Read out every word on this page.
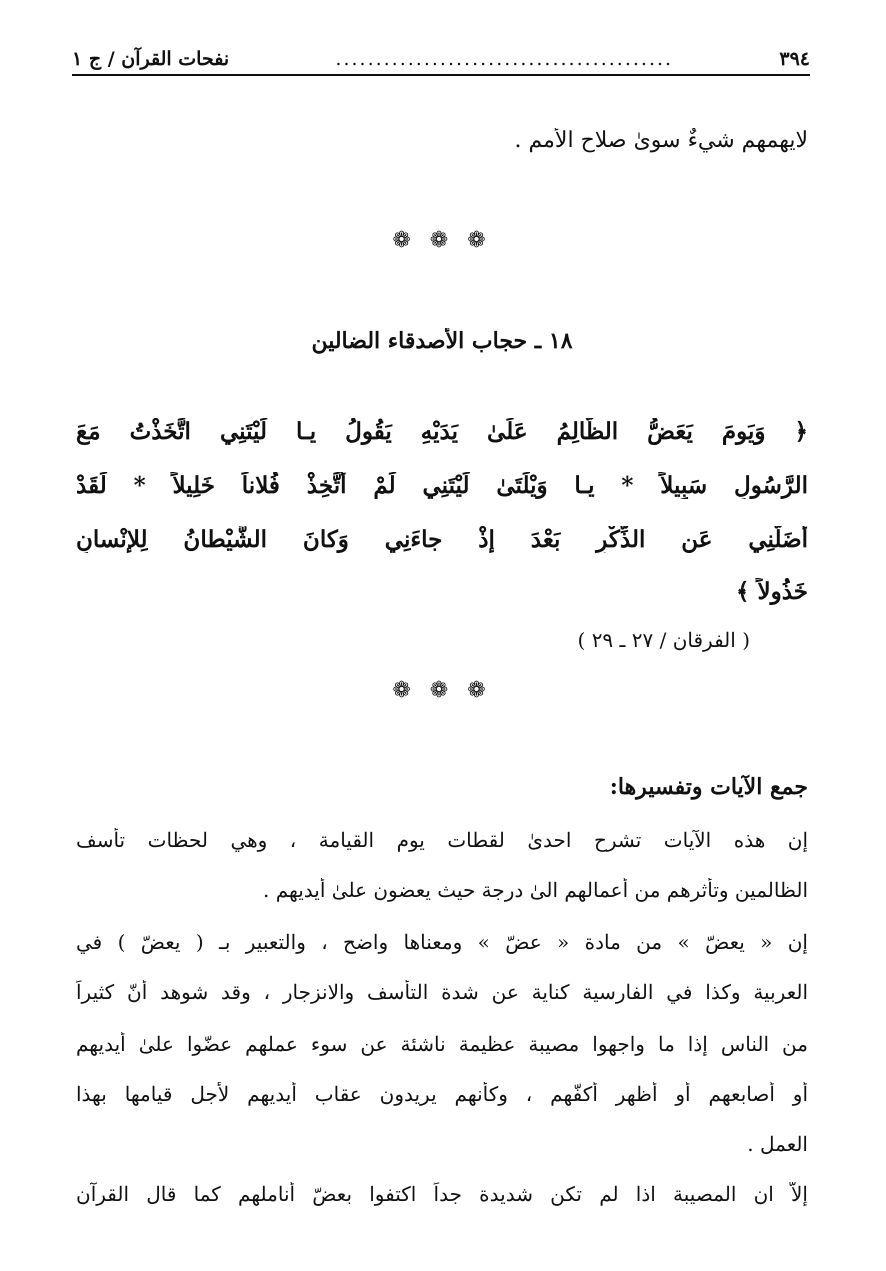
٣٩٤
..........................................
نفحات القرآن / ج ١
لايهمهم شيءٌ سوىٰ صلاح الأُمم .
❁ ❁ ❁
١٨ ـ حجاب الأصدقاء الضالين
﴿ وَيَومَ يَعَضُّ الظَّالِمُ عَلَىٰ يَدَيْهِ يَقُولُ يـا لَيْتَنِي اتَّخَذْتُ مَعَ
الرَّسُولِ سَبِيلاً * يـا وَيْلَتَىٰ لَيْتَنِي لَمْ أَتَّخِذْ فُلاناً خَلِيلاً * لَقَدْ
أَضَلَّنِي عَنِ الذِّكْرِ بَعْدَ إِذْ جاءَنِي وَكانَ الشَّيْطانُ لِلإِنْسانِ
خَذُولاً ﴾
( الفرقان / ٢٧ ـ ٢٩ )
❁ ❁ ❁
جمع الآيات وتفسيرها:
إن هذه الآيات تشرح احدىٰ لقطات يوم القيامة ، وهي لحظات تأسف
الظالمين وتأثرهم من أعمالهم الىٰ درجة حيث يعضون علىٰ أيديهم .
إن « يعضّ » من مادة « عضّ » ومعناها واضح ، والتعبير بـ ( يعضّ ) في
العربية وكذا في الفارسية كناية عن شدة التأسف والانزجار ، وقد شوهد أنّ كثيراً
من الناس إذا ما واجهوا مصيبة عظيمة ناشئة عن سوء عملهم عضّوا علىٰ أيديهم
أو أصابعهم أو أظهر أكفّهم ، وكأنهم يريدون عقاب أيديهم لأجل قيامها بهذا
العمل .
إلاّ ان المصيبة اذا لم تكن شديدة جداً اكتفوا بعضّ أناملهم كما قال القرآن
